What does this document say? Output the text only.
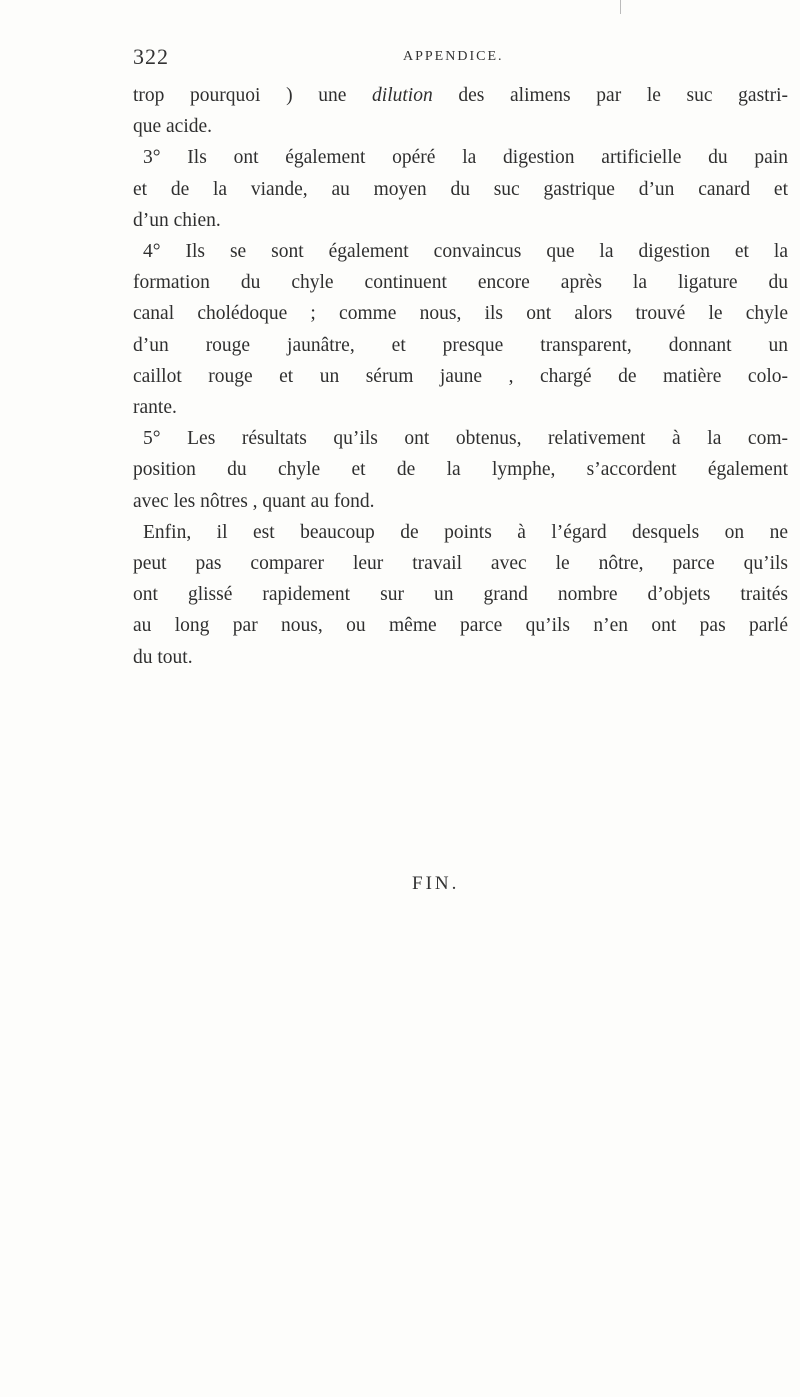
322	APPENDICE.

trop pourquoi ) une dilution des alimens par le suc gastri-
que acide.

3° Ils ont également opéré la digestion artificielle du pain
et de la viande, au moyen du suc gastrique d’un canard et
d’un chien.

4° Ils se sont également convaincus que la digestion et la
formation du chyle continuent encore après la ligature du
canal cholédoque ; comme nous, ils ont alors trouvé le chyle
d’un rouge jaunâtre, et presque transparent, donnant un
caillot rouge et un sérum jaune , chargé de matière colo-
rante.

5° Les résultats qu’ils ont obtenus, relativement à la com-
position du chyle et de la lymphe, s’accordent également
avec les nôtres , quant au fond.

Enfin, il est beaucoup de points à l’égard desquels on ne
peut pas comparer leur travail avec le nôtre, parce qu’ils
ont glissé rapidement sur un grand nombre d’objets traités
au long par nous, ou même parce qu’ils n’en ont pas parlé
du tout.

FIN.
